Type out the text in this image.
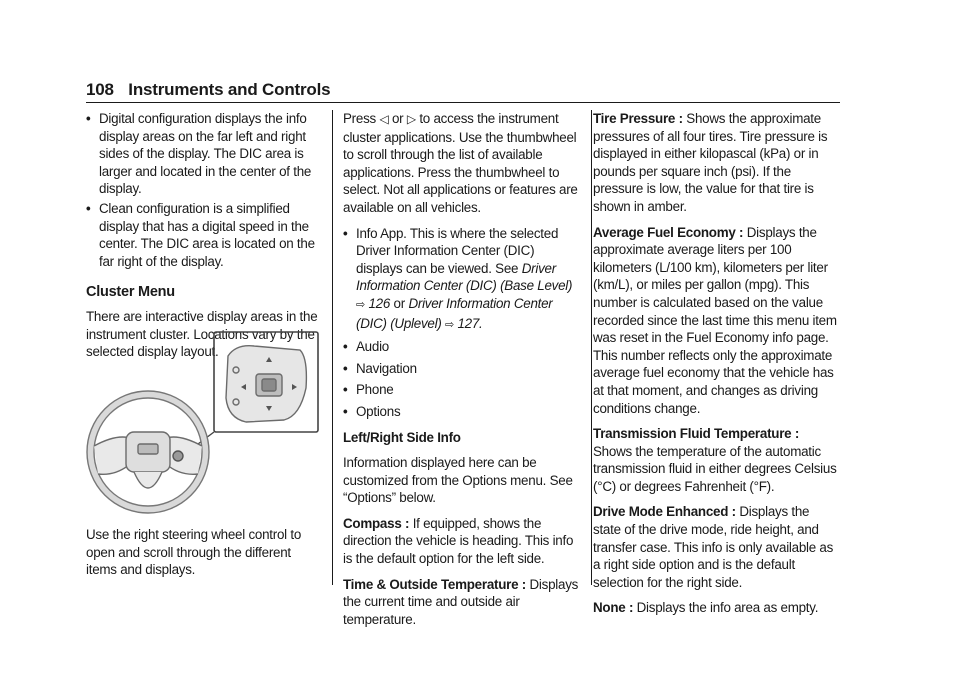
108 Instruments and Controls
• Digital configuration displays the info display areas on the far left and right sides of the display. The DIC area is larger and located in the center of the display.
• Clean configuration is a simplified display that has a digital speed in the center. The DIC area is located on the far right of the display.
Cluster Menu

There are interactive display areas in the instrument cluster. Locations vary by the selected display layout.

Use the right steering wheel control to open and scroll through the different items and displays.

Press ◁ or ▷ to access the instrument cluster applications. Use the thumbwheel to scroll through the list of available applications. Press the thumbwheel to select. Not all applications or features are available on all vehicles.

• Info App. This is where the selected Driver Information Center (DIC) displays can be viewed. See Driver Information Center (DIC) (Base Level) ⇨ 126 or Driver Information Center (DIC) (Uplevel) ⇨ 127.
• Audio
• Navigation
• Phone
• Options

Left/Right Side Info

Information displayed here can be customized from the Options menu. See “Options” below.

Compass : If equipped, shows the direction the vehicle is heading. This info is the default option for the left side.

Time & Outside Temperature : Displays the current time and outside air temperature.

Tire Pressure : Shows the approximate pressures of all four tires. Tire pressure is displayed in either kilopascal (kPa) or in pounds per square inch (psi). If the pressure is low, the value for that tire is shown in amber.

Average Fuel Economy : Displays the approximate average liters per 100 kilometers (L/100 km), kilometers per liter (km/L), or miles per gallon (mpg). This number is calculated based on the value recorded since the last time this menu item was reset in the Fuel Economy info page. This number reflects only the approximate average fuel economy that the vehicle has at that moment, and changes as driving conditions change.

Transmission Fluid Temperature : Shows the temperature of the automatic transmission fluid in either degrees Celsius (°C) or degrees Fahrenheit (°F).

Drive Mode Enhanced : Displays the state of the drive mode, ride height, and transfer case. This info is only available as a right side option and is the default selection for the right side.

None : Displays the info area as empty.
